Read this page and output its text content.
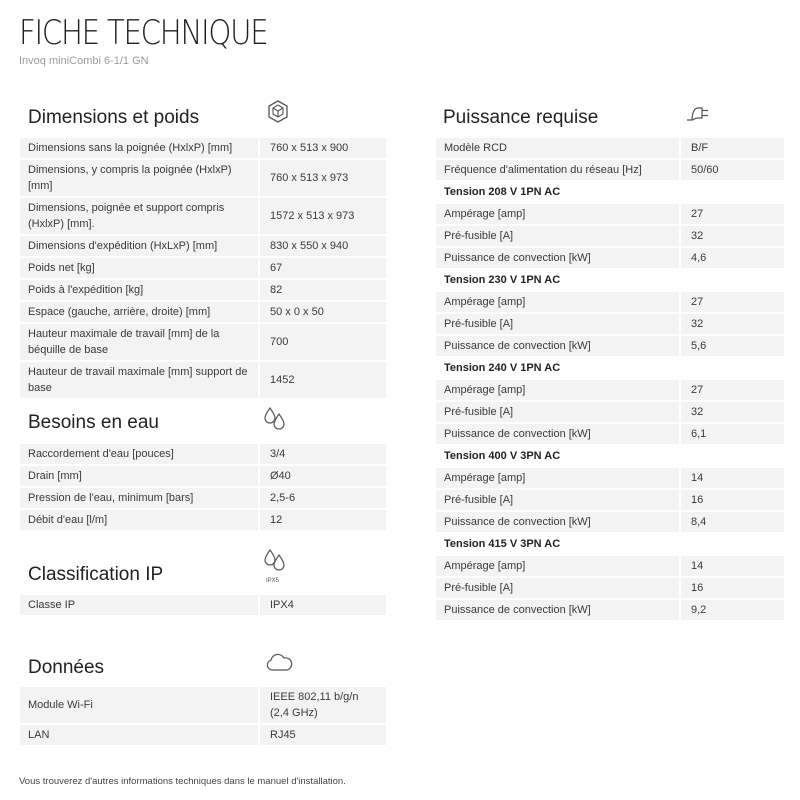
FICHE TECHNIQUE
Invoq miniCombi 6-1/1 GN
Dimensions et poids
Dimensions sans la poignée (HxlxP) [mm]	760 x 513 x 900
Dimensions, y compris la poignée (HxlxP) [mm]	760 x 513 x 973
Dimensions, poignée et support compris (HxlxP) [mm].	1572 x 513 x 973
Dimensions d'expédition (HxLxP) [mm]	830 x 550 x 940
Poids net [kg]	67
Poids à l'expédition [kg]	82
Espace (gauche, arrière, droite) [mm]	50 x 0 x 50
Hauteur maximale de travail [mm] de la béquille de base	700
Hauteur de travail maximale [mm] support de base	1452
Besoins en eau
Raccordement d'eau [pouces]	3/4
Drain [mm]	Ø40
Pression de l'eau, minimum [bars]	2,5-6
Débit d'eau [l/m]	12
Classification IP	IPX5
Classe IP	IPX4
Données
Module Wi-Fi	IEEE 802,11 b/g/n (2,4 GHz)
LAN	RJ45
Puissance requise
Modèle RCD	B/F
Fréquence d'alimentation du réseau [Hz]	50/60
Tension 208 V 1PN AC	
Ampérage [amp]	27
Pré-fusible [A]	32
Puissance de convection [kW]	4,6
Tension 230 V 1PN AC	
Ampérage [amp]	27
Pré-fusible [A]	32
Puissance de convection [kW]	5,6
Tension 240 V 1PN AC	
Ampérage [amp]	27
Pré-fusible [A]	32
Puissance de convection [kW]	6,1
Tension 400 V 3PN AC	
Ampérage [amp]	14
Pré-fusible [A]	16
Puissance de convection [kW]	8,4
Tension 415 V 3PN AC	
Ampérage [amp]	14
Pré-fusible [A]	16
Puissance de convection [kW]	9,2
Vous trouverez d'autres informations techniques dans le manuel d'installation.
